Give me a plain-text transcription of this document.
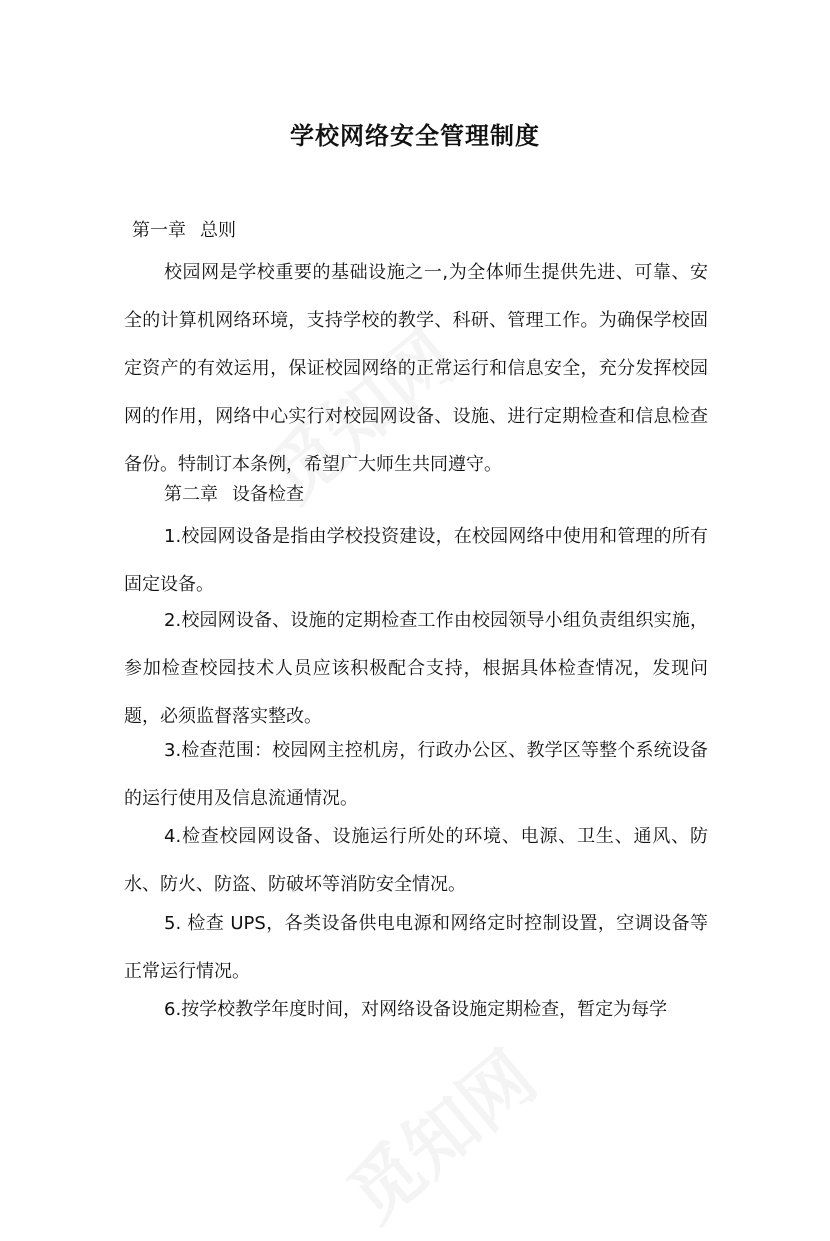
学校网络安全管理制度

第一章 总则

校园网是学校重要的基础设施之一,为全体师生提供先进、可靠、安全的计算机网络环境，支持学校的教学、科研、管理工作。为确保学校固定资产的有效运用，保证校园网络的正常运行和信息安全，充分发挥校园网的作用，网络中心实行对校园网设备、设施、进行定期检查和信息检查备份。特制订本条例，希望广大师生共同遵守。

第二章 设备检查

1.校园网设备是指由学校投资建设，在校园网络中使用和管理的所有固定设备。

2.校园网设备、设施的定期检查工作由校园领导小组负责组织实施，参加检查校园技术人员应该积极配合支持，根据具体检查情况，发现问题，必须监督落实整改。

3.检查范围：校园网主控机房，行政办公区、教学区等整个系统设备的运行使用及信息流通情况。

4.检查校园网设备、设施运行所处的环境、电源、卫生、通风、防水、防火、防盗、防破坏等消防安全情况。

5. 检查 UPS，各类设备供电电源和网络定时控制设置，空调设备等正常运行情况。

6.按学校教学年度时间，对网络设备设施定期检查，暂定为每学
